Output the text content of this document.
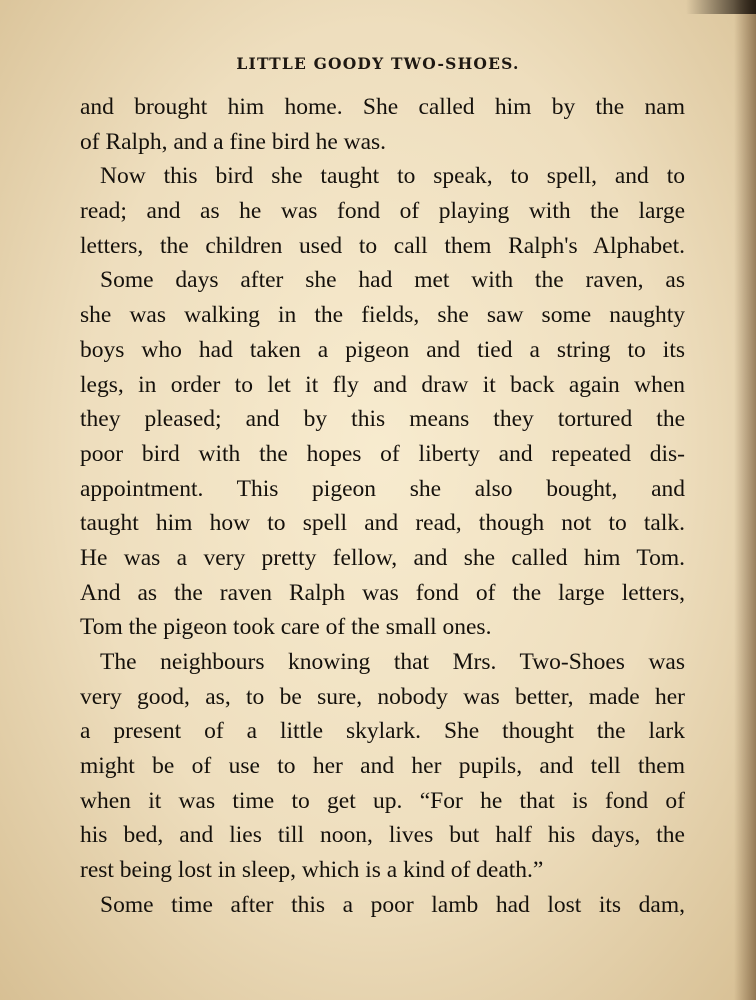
LITTLE GOODY TWO-SHOES.
and brought him home. She called him by the nam
of Ralph, and a fine bird he was.
Now this bird she taught to speak, to spell, and to
read; and as he was fond of playing with the large
letters, the children used to call them Ralph's Alphabet.
Some days after she had met with the raven, as
she was walking in the fields, she saw some naughty
boys who had taken a pigeon and tied a string to its
legs, in order to let it fly and draw it back again when
they pleased; and by this means they tortured the
poor bird with the hopes of liberty and repeated dis-
appointment. This pigeon she also bought, and
taught him how to spell and read, though not to talk.
He was a very pretty fellow, and she called him Tom.
And as the raven Ralph was fond of the large letters,
Tom the pigeon took care of the small ones.
The neighbours knowing that Mrs. Two-Shoes was
very good, as, to be sure, nobody was better, made her
a present of a little skylark. She thought the lark
might be of use to her and her pupils, and tell them
when it was time to get up. “For he that is fond of
his bed, and lies till noon, lives but half his days, the
rest being lost in sleep, which is a kind of death.”
Some time after this a poor lamb had lost its dam,
